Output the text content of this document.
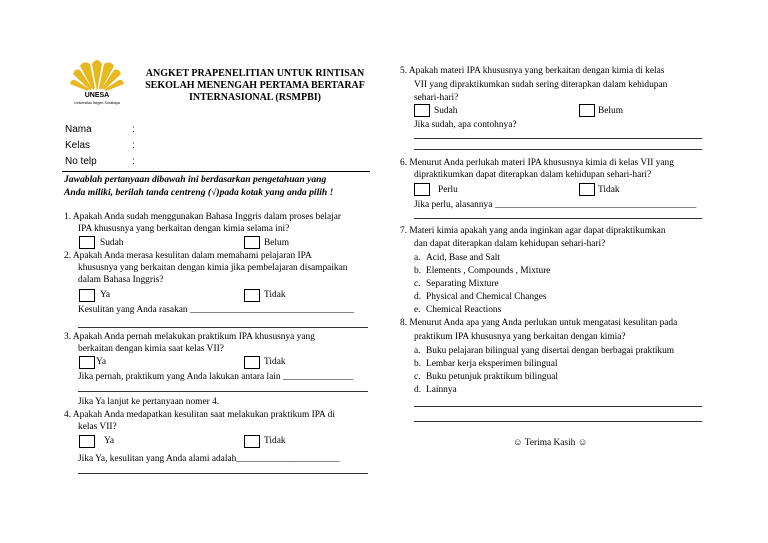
UNESA
Universitas Negeri Surabaya
ANGKET PRAPENELITIAN UNTUK RINTISAN
SEKOLAH MENENGAH PERTAMA BERTARAF
INTERNASIONAL (RSMPBI)
Nama	:
Kelas	:
No telp	:
Jawablah pertanyaan dibawah ini berdasarkan pengetahuan yang
Anda miliki, berilah tanda centreng (√)pada kotak yang anda pilih !
1. Apakah Anda sudah menggunakan Bahasa Inggris dalam proses belajar
IPA khususnya yang berkaitan dengan kimia selama ini?
Sudah	Belum
2. Apakah Anda merasa kesulitan dalam memahami pelajaran IPA
khususnya yang berkaitan dengan kimia jika pembelajaran disampaikan
dalam Bahasa Inggris?
Ya	Tidak
Kesulitan yang Anda rasakan ___________________________________
3. Apakah Anda pernah melakukan praktikum IPA khususnya yang
berkaitan dengan kimia saat kelas VII?
Ya	Tidak
Jika pernah, praktikum yang Anda lakukan antara lain _______________
Jika Ya lanjut ke pertanyaan nomer 4.
4. Apakah Anda medapatkan kesulitan saat melakukan praktikum IPA di
kelas VII?
Ya	Tidak
Jika Ya, kesulitan yang Anda alami adalah______________________
5. Apakah materi IPA khususnya yang berkaitan dengan kimia di kelas
VII yang dipraktikumkan sudah sering diterapkan dalam kehidupan
sehari-hari?
Sudah	Belum
Jika sudah, apa contohnya?
6. Menurut Anda perlukah materi IPA khususnya kimia di kelas VII yang
dipraktikumkan dapat diterapkan dalam kehidupan sehari-hari?
Perlu	Tidak
Jika perlu, alasannya ___________________________________________
7. Materi kimia apakah yang anda inginkan agar dapat dipraktikumkan
dan dapat diterapkan dalam kehidupan sehari-hari?
a. Acid, Base and Salt
b. Elements , Compounds , Mixture
c. Separating Mixture
d. Physical and Chemical Changes
e. Chemical Reactions
8. Menurut Anda apa yang Anda perlukan untuk mengatasi kesulitan pada
praktikum IPA khususnya yang berkaitan dengan kimia?
a. Buku pelajaran bilingual yang disertai dengan berbagai praktikum
b. Lembar kerja eksperimen bilingual
c. Buku petunjuk praktikum bilingual
d. Lainnya
☺ Terima Kasih ☺
